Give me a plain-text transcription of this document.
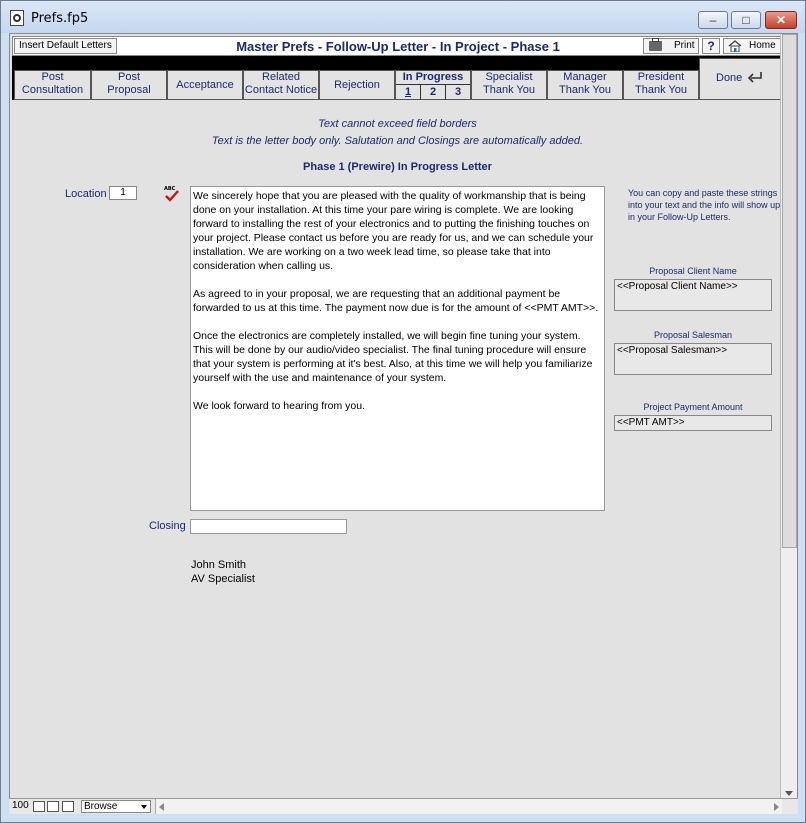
Prefs.fp5	–	□	✕
Insert Default Letters	Master Prefs - Follow-Up Letter - In Project - Phase 1	Print	?	Home
Post
Consultation
Post
Proposal	Acceptance
Related
Contact Notice	Rejection
In Progress
1	2	3
Specialist
Thank You
Manager
Thank You
President
Thank You
Done
Text cannot exceed field borders
Text is the letter body only. Salutation and Closings are automatically added.
Phase 1 (Prewire) In Progress Letter
Location	1	ABC

We sincerely hope that you are pleased with the quality of workmanship that is being done on your installation. At this time your pare wiring is complete. We are looking forward to installing the rest of your electronics and to putting the finishing touches on your project. Please contact us before you are ready for us, and we can schedule your installation. We are working on a two week lead time, so please take that into consideration when calling us.

As agreed to in your proposal, we are requesting that an additional payment be forwarded to us at this time. The payment now due is for the amount of <<PMT AMT>>.

Once the electronics are completely installed, we will begin fine tuning your system. This will be done by our audio/video specialist. The final tuning procedure will ensure that your system is performing at it's best. Also, at this time we will help you familiarize yourself with the use and maintenance of your system.

We look forward to hearing from you.

Closing
John Smith
AV Specialist
You can copy and paste these strings into your text and the info will show up in your Follow-Up Letters.
Proposal Client Name
<<Proposal Client Name>>
Proposal Salesman
<<Proposal Salesman>>
Project Payment Amount
<<PMT AMT>>
100	Browse
